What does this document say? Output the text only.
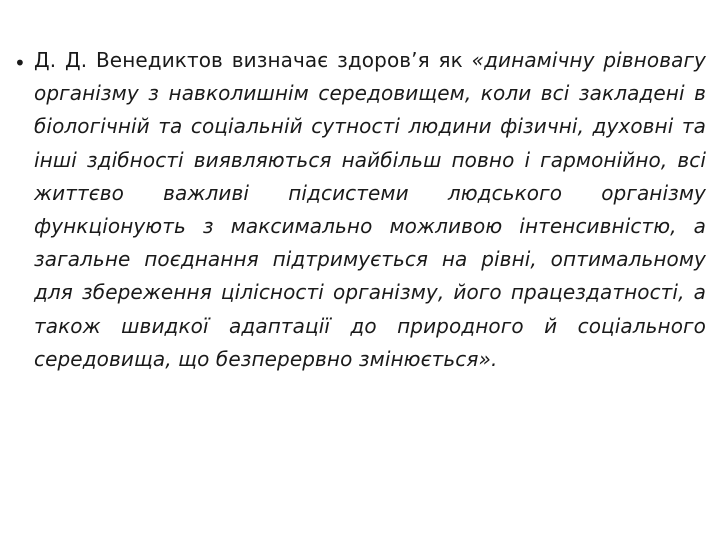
• Д. Д. Венедиктов визначає здоров’я як «динамічну рівновагу організму з навколишнім середовищем, коли всі закладені в біологічній та соціальній сутності людини фізичні, духовні та інші здібності виявляються найбільш повно і гармонійно, всі життєво важливі підсистеми людського організму функціонують з максимально можливою інтенсивністю, а загальне поєднання підтримується на рівні, оптимальному для збереження цілісності організму, його працездатності, а також швидкої адаптації до природного й соціального середовища, що безперервно змінюється».
